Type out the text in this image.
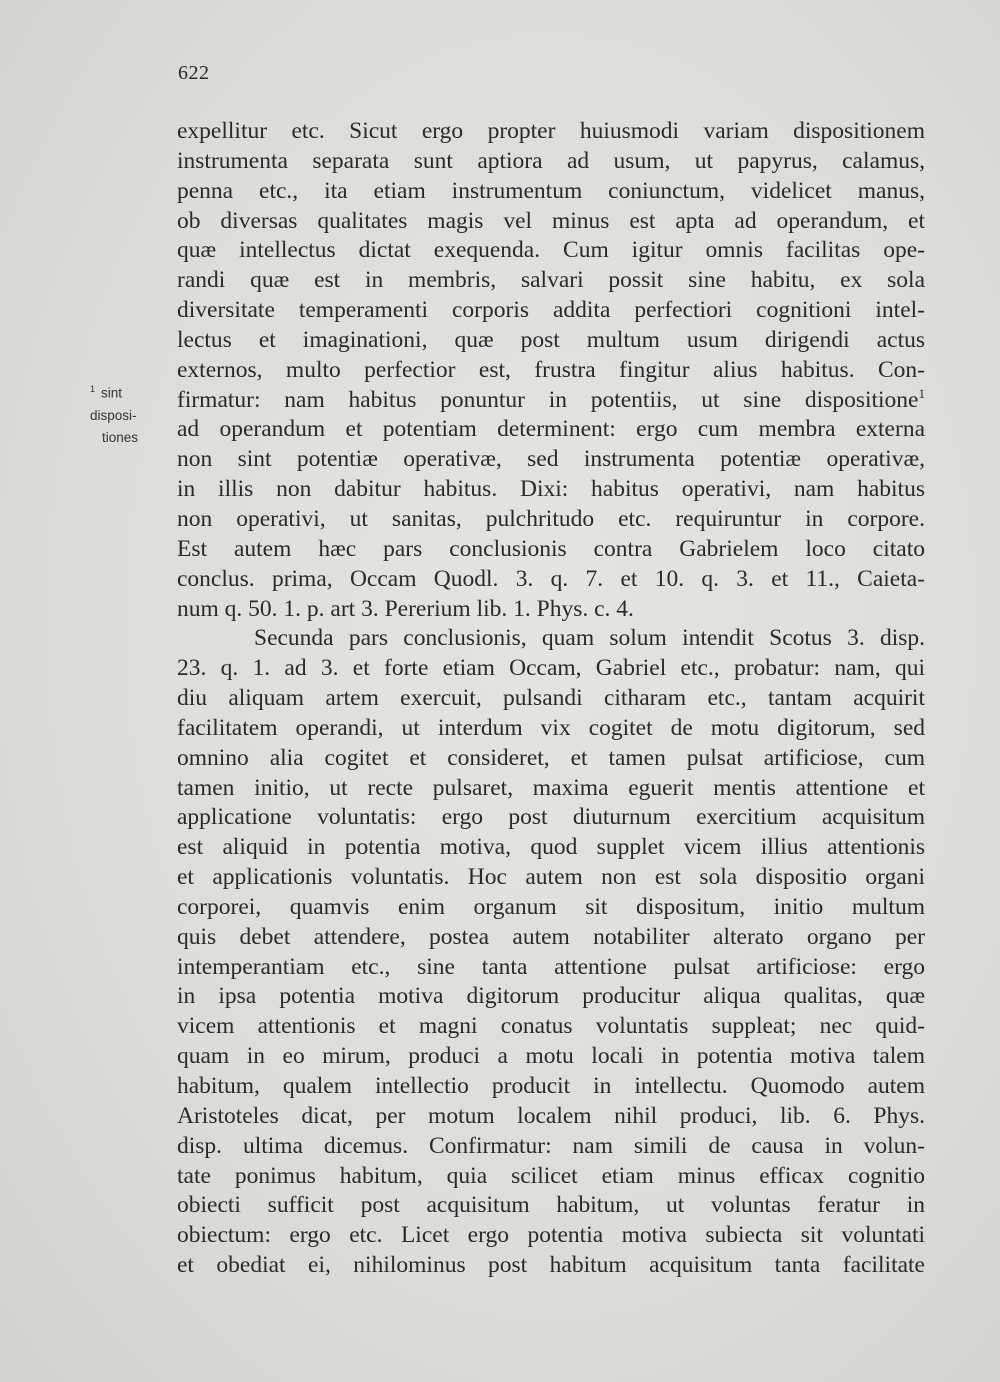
622
$^1$ sint disposi-
tiones
expellitur etc. Sicut ergo propter huiusmodi variam dispositionem
instrumenta separata sunt aptiora ad usum, ut papyrus, calamus,
penna etc., ita etiam instrumentum coniunctum, videlicet manus,
ob diversas qualitates magis vel minus est apta ad operandum, et
quæ intellectus dictat exequenda. Cum igitur omnis facilitas ope-
randi quæ est in membris, salvari possit sine habitu, ex sola
diversitate temperamenti corporis addita perfectiori cognitioni intel-
lectus et imaginationi, quæ post multum usum dirigendi actus
externos, multo perfectior est, frustra fingitur alius habitus. Con-
firmatur: nam habitus ponuntur in potentiis, ut sine dispositione$^1$
ad operandum et potentiam determinent: ergo cum membra externa
non sint potentiæ operativæ, sed instrumenta potentiæ operativæ,
in illis non dabitur habitus. Dixi: habitus operativi, nam habitus
non operativi, ut sanitas, pulchritudo etc. requiruntur in corpore.
Est autem hæc pars conclusionis contra Gabrielem loco citato
conclus. prima, Occam Quodl. 3. q. 7. et 10. q. 3. et 11., Caieta-
num q. 50. 1. p. art 3. Pererium lib. 1. Phys. c. 4.
Secunda pars conclusionis, quam solum intendit Scotus 3. disp.
23. q. 1. ad 3. et forte etiam Occam, Gabriel etc., probatur: nam, qui
diu aliquam artem exercuit, pulsandi citharam etc., tantam acquirit
facilitatem operandi, ut interdum vix cogitet de motu digitorum, sed
omnino alia cogitet et consideret, et tamen pulsat artificiose, cum
tamen initio, ut recte pulsaret, maxima eguerit mentis attentione et
applicatione voluntatis: ergo post diuturnum exercitium acquisitum
est aliquid in potentia motiva, quod supplet vicem illius attentionis
et applicationis voluntatis. Hoc autem non est sola dispositio organi
corporei, quamvis enim organum sit dispositum, initio multum
quis debet attendere, postea autem notabiliter alterato organo per
intemperantiam etc., sine tanta attentione pulsat artificiose: ergo
in ipsa potentia motiva digitorum producitur aliqua qualitas, quæ
vicem attentionis et magni conatus voluntatis suppleat; nec quid-
quam in eo mirum, produci a motu locali in potentia motiva talem
habitum, qualem intellectio producit in intellectu. Quomodo autem
Aristoteles dicat, per motum localem nihil produci, lib. 6. Phys.
disp. ultima dicemus. Confirmatur: nam simili de causa in volun-
tate ponimus habitum, quia scilicet etiam minus efficax cognitio
obiecti sufficit post acquisitum habitum, ut voluntas feratur in
obiectum: ergo etc. Licet ergo potentia motiva subiecta sit voluntati
et obediat ei, nihilominus post habitum acquisitum tanta facilitate
